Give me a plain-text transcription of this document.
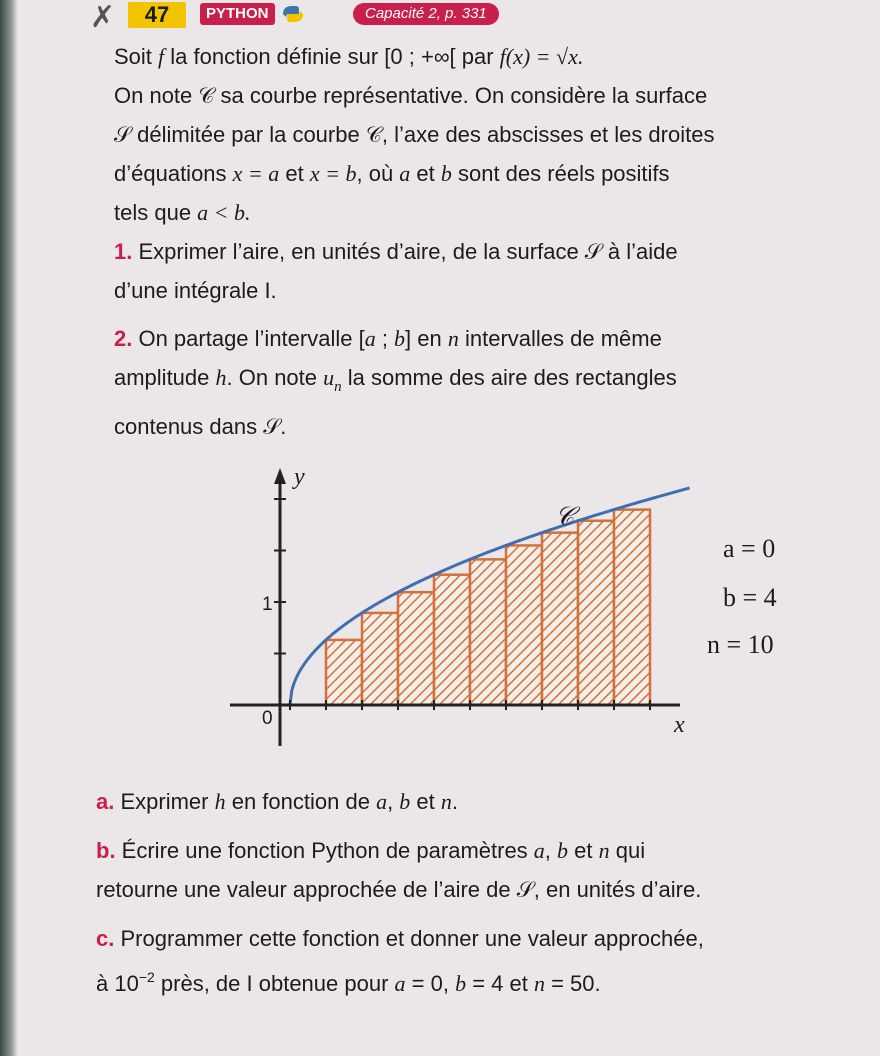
✗	47	PYTHON	Capacité 2, p. 331
Soit f la fonction définie sur [0 ; +∞[ par f(x) = √x.
On note 𝒞 sa courbe représentative. On considère la surface
𝒮 délimitée par la courbe 𝒞, l’axe des abscisses et les droites
d’équations x = a et x = b, où a et b sont des réels positifs
tels que a < b.
1. Exprimer l’aire, en unités d’aire, de la surface 𝒮 à l’aide
d’une intégrale I.
2. On partage l’intervalle [a ; b] en n intervalles de même
amplitude h. On note $u_n$ la somme des aire des rectangles
contenus dans 𝒮.
y
x
𝒞
1
0
a = 0
b = 4
n = 10
a. Exprimer h en fonction de a, b et n.
b. Écrire une fonction Python de paramètres a, b et n qui
retourne une valeur approchée de l’aire de 𝒮, en unités d’aire.
c. Programmer cette fonction et donner une valeur approchée,
à $10^{-2}$ près, de I obtenue pour a = 0, b = 4 et n = 50.
